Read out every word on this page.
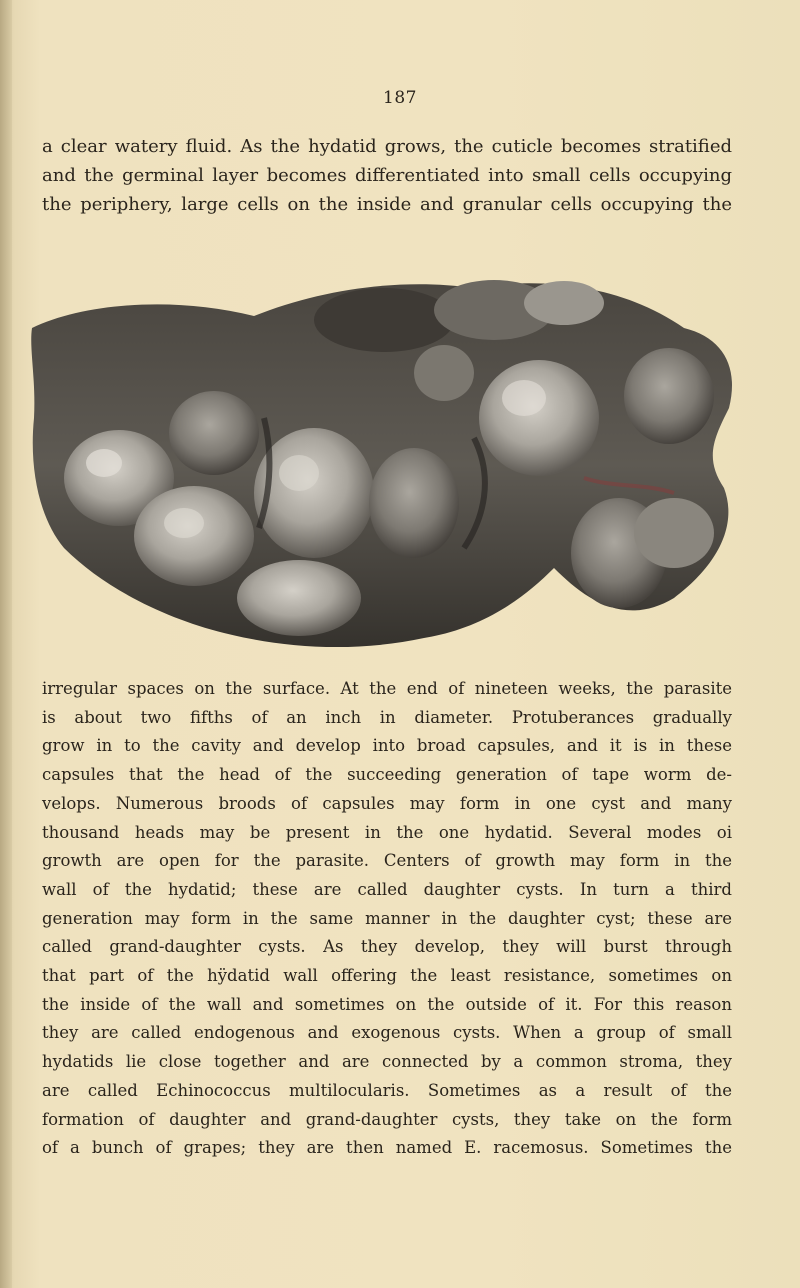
187

a clear watery fluid. As the hydatid grows, the cuticle becomes stratified
and the germinal layer becomes differentiated into small cells occupying
the periphery, large cells on the inside and granular cells occupying the

irregular spaces on the surface. At the end of nineteen weeks, the parasite
is about two fifths of an inch in diameter. Protuberances gradually
grow in to the cavity and develop into broad capsules, and it is in these
capsules that the head of the succeeding generation of tape worm de-
velops. Numerous broods of capsules may form in one cyst and many
thousand heads may be present in the one hydatid. Several modes oi
growth are open for the parasite. Centers of growth may form in the
wall of the hydatid; these are called daughter cysts. In turn a third
generation may form in the same manner in the daughter cyst; these are
called grand-daughter cysts. As they develop, they will burst through
that part of the hÿdatid wall offering the least resistance, sometimes on
the inside of the wall and sometimes on the outside of it. For this reason
they are called endogenous and exogenous cysts. When a group of small
hydatids lie close together and are connected by a common stroma, they
are called Echinococcus multilocularis. Sometimes as a result of the
formation of daughter and grand-daughter cysts, they take on the form
of a bunch of grapes; they are then named E. racemosus. Sometimes the
